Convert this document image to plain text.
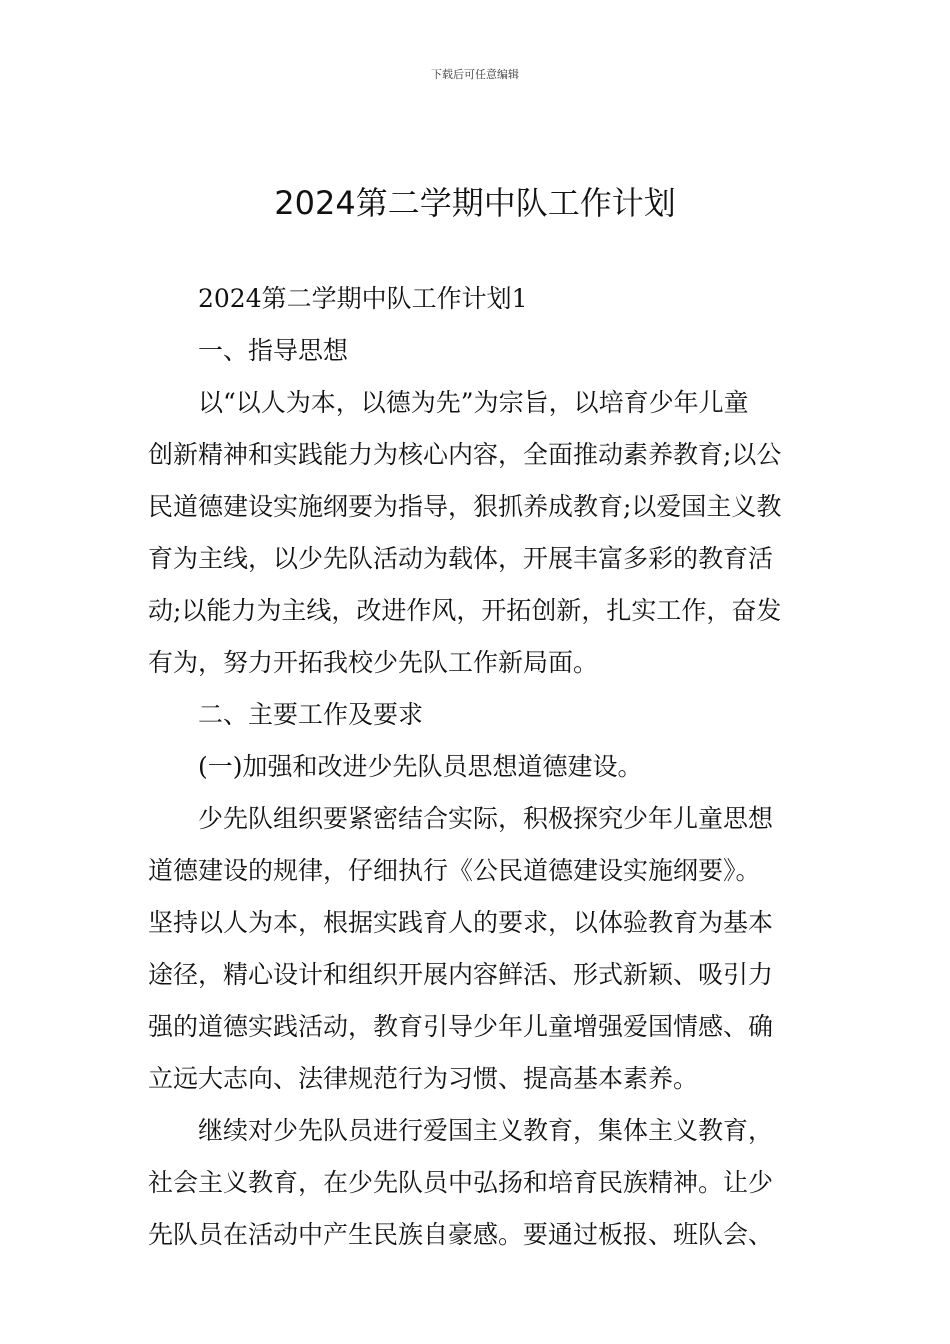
下载后可任意编辑
2024第二学期中队工作计划
2024第二学期中队工作计划1
一、指导思想
以“以人为本，以德为先”为宗旨，以培育少年儿童
创新精神和实践能力为核心内容，全面推动素养教育;以公
民道德建设实施纲要为指导，狠抓养成教育;以爱国主义教
育为主线，以少先队活动为载体，开展丰富多彩的教育活
动;以能力为主线，改进作风，开拓创新，扎实工作，奋发
有为，努力开拓我校少先队工作新局面。
二、主要工作及要求
(一)加强和改进少先队员思想道德建设。
少先队组织要紧密结合实际，积极探究少年儿童思想
道德建设的规律，仔细执行《公民道德建设实施纲要》。
坚持以人为本，根据实践育人的要求，以体验教育为基本
途径，精心设计和组织开展内容鲜活、形式新颖、吸引力
强的道德实践活动，教育引导少年儿童增强爱国情感、确
立远大志向、法律规范行为习惯、提高基本素养。
继续对少先队员进行爱国主义教育，集体主义教育，
社会主义教育，在少先队员中弘扬和培育民族精神。让少
先队员在活动中产生民族自豪感。要通过板报、班队会、
